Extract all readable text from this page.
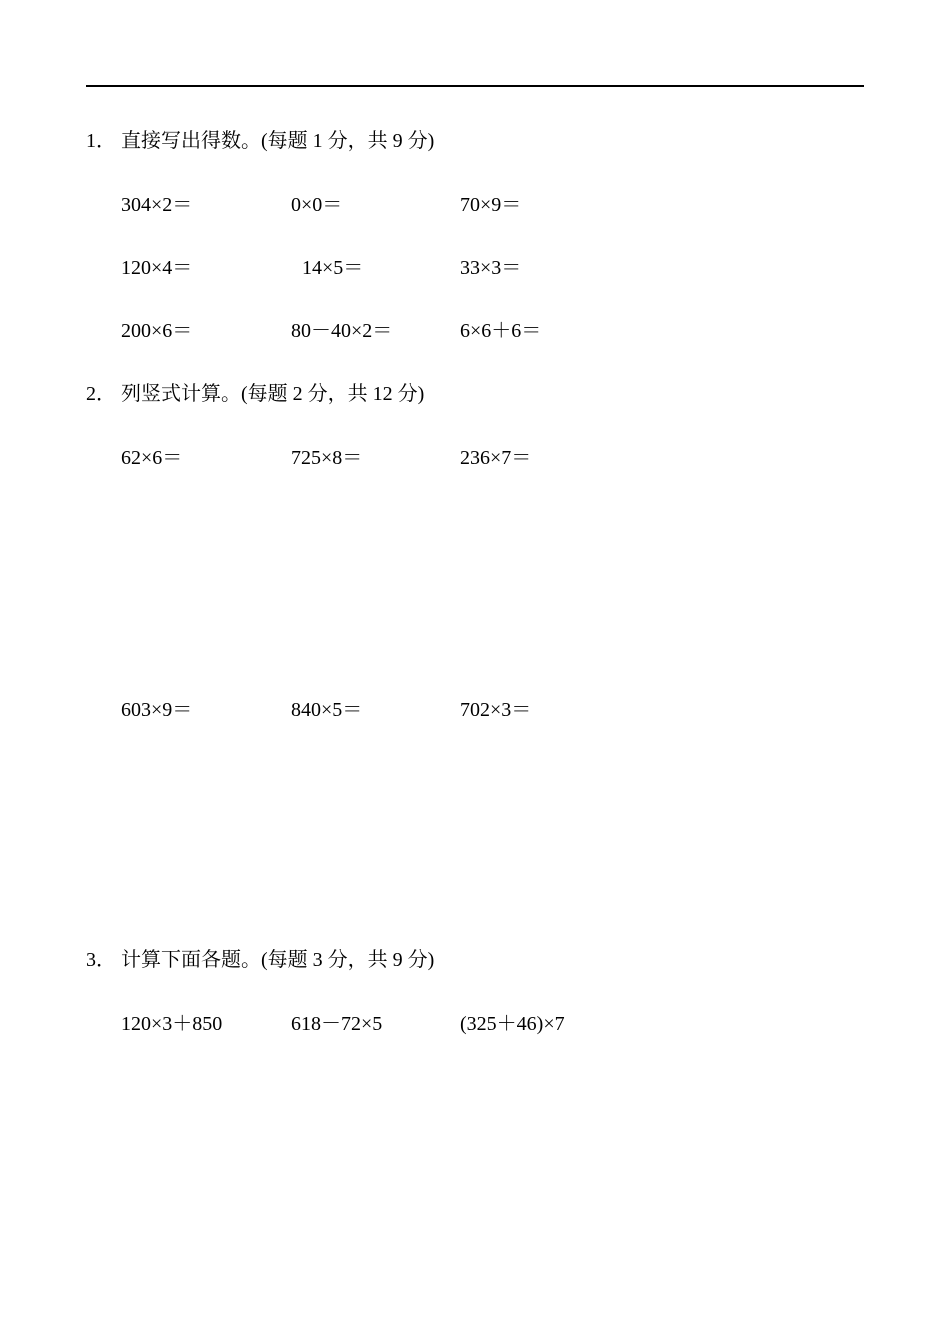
1． 直接写出得数。(每题 1 分，共 9 分)
304×2＝	0×0＝	70×9＝
120×4＝	14×5＝	33×3＝
200×6＝	80－40×2＝	6×6＋6＝
2． 列竖式计算。(每题 2 分，共 12 分)
62×6＝	725×8＝	236×7＝
603×9＝	840×5＝	702×3＝
3． 计算下面各题。(每题 3 分，共 9 分)
120×3＋850	618－72×5	(325＋46)×7
